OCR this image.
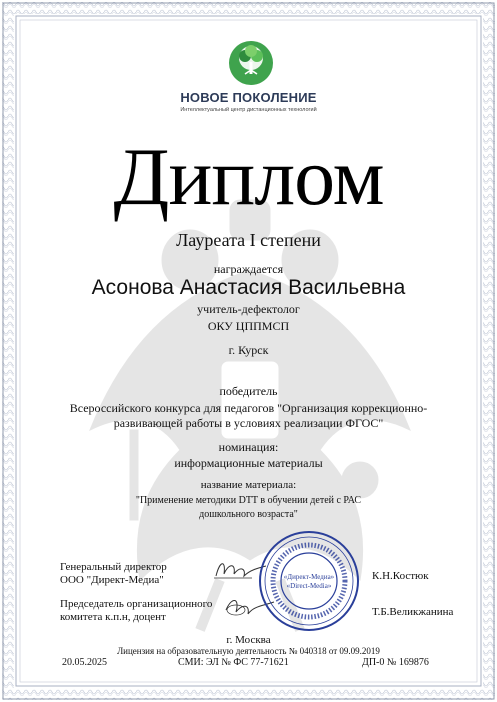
НОВОЕ ПОКОЛЕНИЕ
Интеллектуальный центр дистанционных технологий
Диплом
Лауреата I степени
награждается
Асонова Анастасия Васильевна
учитель-дефектолог
ОКУ ЦППМСП
г. Курск
победитель
Всероссийского конкурса для педагогов "Организация коррекционно-развивающей работы в условиях реализации ФГОС"
номинация:
информационные материалы
название материала:
"Применение методики DTT в обучении детей с РАС дошкольного возраста"
Генеральный директор
ООО "Директ-Медиа"	К.Н.Костюк
Председатель организационного
комитета к.п.н, доцент	Т.Б.Великжанина
«Директ-Медиа»
«Direct-Media»
г. Москва
Лицензия на образовательную деятельность № 040318 от 09.09.2019
20.05.2025	СМИ: ЭЛ № ФС 77-71621	ДП-0 № 169876
